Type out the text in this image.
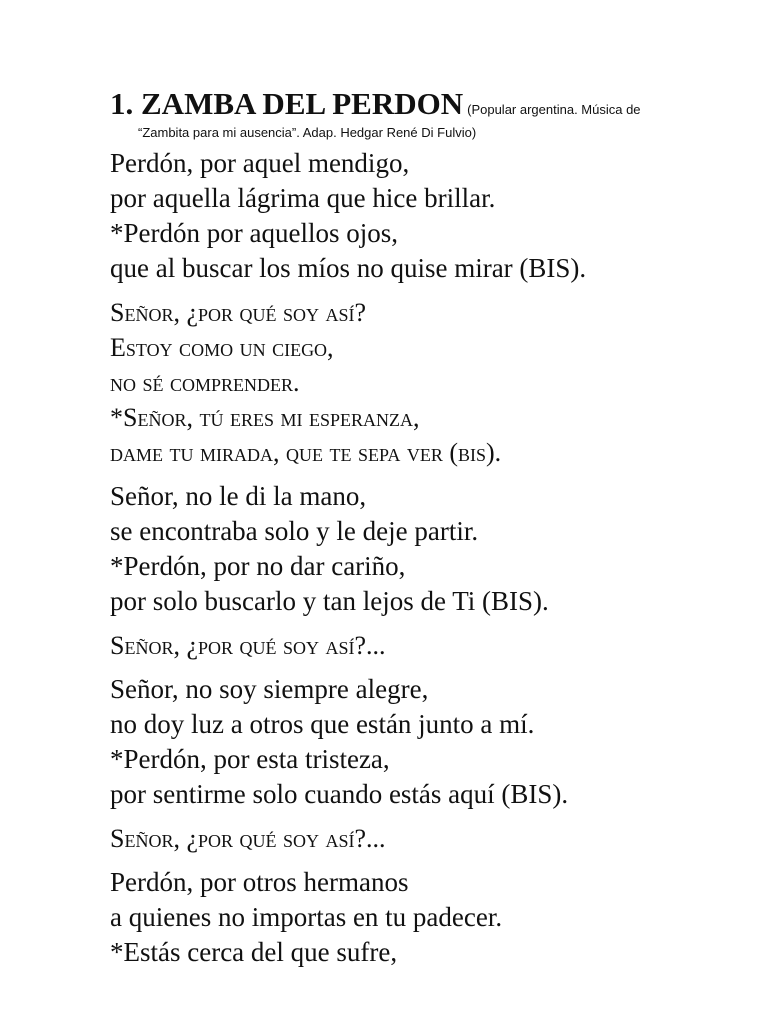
1. ZAMBA DEL PERDON (Popular argentina. Música de
“Zambita para mi ausencia”. Adap. Hedgar René Di Fulvio)
Perdón, por aquel mendigo,
por aquella lágrima que hice brillar.
*Perdón por aquellos ojos,
que al buscar los míos no quise mirar (BIS).
Señor, ¿por qué soy así?
Estoy como un ciego,
no sé comprender.
*Señor, tú eres mi esperanza,
dame tu mirada, que te sepa ver (bis).
Señor, no le di la mano,
se encontraba solo y le deje partir.
*Perdón, por no dar cariño,
por solo buscarlo y tan lejos de Ti (BIS).
Señor, ¿por qué soy así?...
Señor, no soy siempre alegre,
no doy luz a otros que están junto a mí.
*Perdón, por esta tristeza,
por sentirme solo cuando estás aquí (BIS).
Señor, ¿por qué soy así?...
Perdón, por otros hermanos
a quienes no importas en tu padecer.
*Estás cerca del que sufre,
